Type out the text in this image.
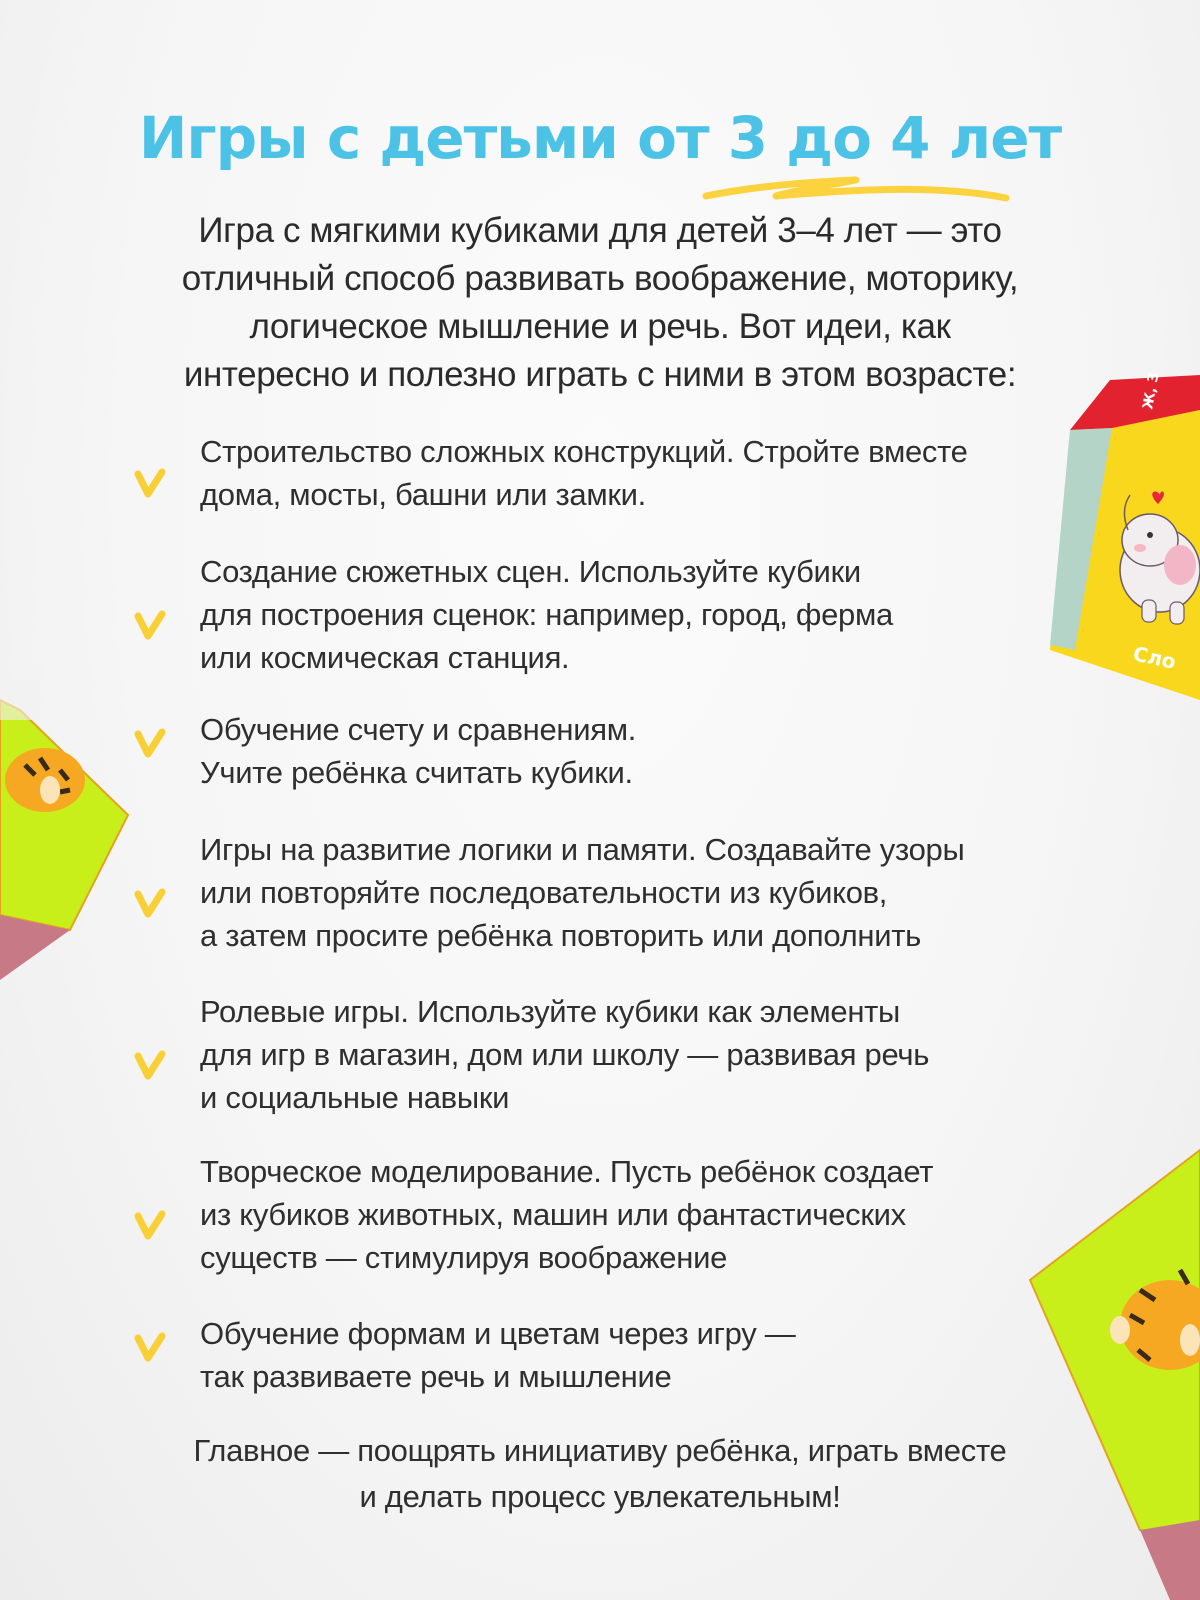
Ж, З
Сло
Игры с детьми от 3 до 4 лет
Игра с мягкими кубиками для детей 3–4 лет — это
отличный способ развивать воображение, моторику,
логическое мышление и речь. Вот идеи, как
интересно и полезно играть с ними в этом возрасте:
Строительство сложных конструкций. Стройте вместе
дома, мосты, башни или замки.
Создание сюжетных сцен. Используйте кубики
для построения сценок: например, город, ферма
или космическая станция.
Обучение счету и сравнениям.
Учите ребёнка считать кубики.
Игры на развитие логики и памяти. Создавайте узоры
или повторяйте последовательности из кубиков,
а затем просите ребёнка повторить или дополнить
Ролевые игры. Используйте кубики как элементы
для игр в магазин, дом или школу — развивая речь
и социальные навыки
Творческое моделирование. Пусть ребёнок создает
из кубиков животных, машин или фантастических
существ — стимулируя воображение
Обучение формам и цветам через игру —
так развиваете речь и мышление
Главное — поощрять инициативу ребёнка, играть вместе
и делать процесс увлекательным!
